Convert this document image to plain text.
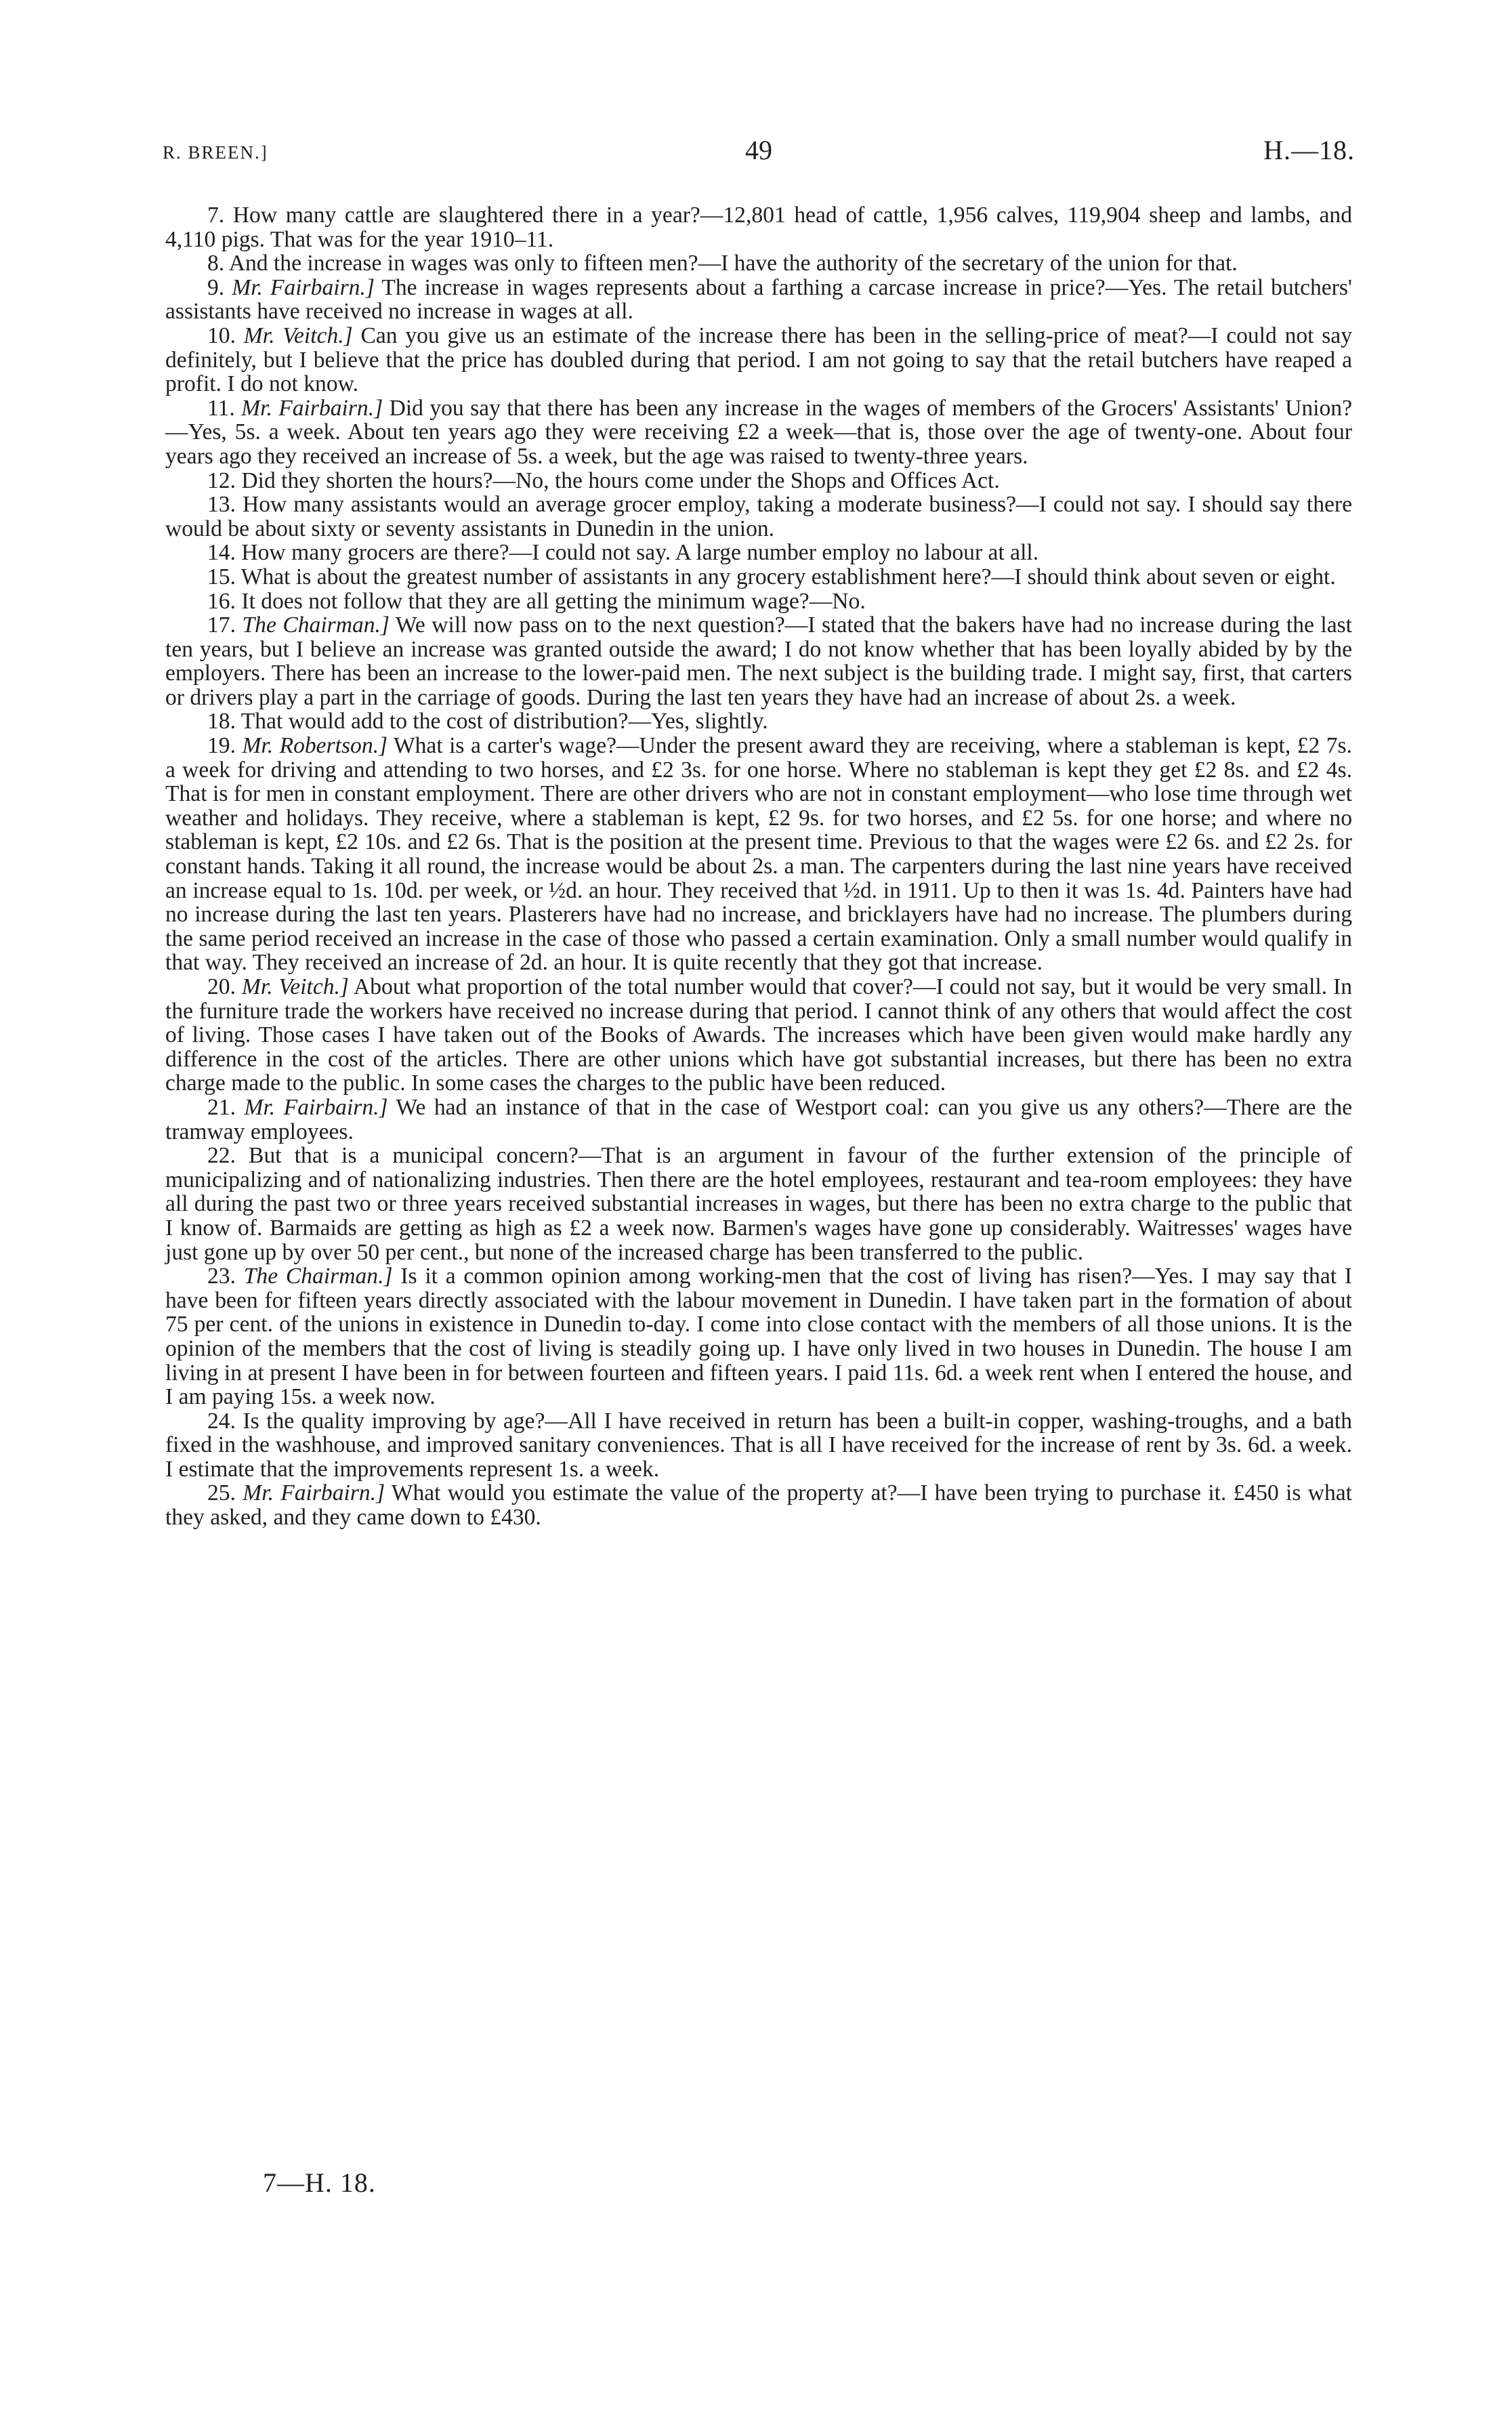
R. BREEN.]	49	H.—18.

7. How many cattle are slaughtered there in a year?—12,801 head of cattle, 1,956 calves, 119,904 sheep and lambs, and 4,110 pigs. That was for the year 1910–11.

8. And the increase in wages was only to fifteen men?—I have the authority of the secretary of the union for that.

9. Mr. Fairbairn.] The increase in wages represents about a farthing a carcase increase in price?—Yes. The retail butchers' assistants have received no increase in wages at all.

10. Mr. Veitch.] Can you give us an estimate of the increase there has been in the selling-price of meat?—I could not say definitely, but I believe that the price has doubled during that period. I am not going to say that the retail butchers have reaped a profit. I do not know.

11. Mr. Fairbairn.] Did you say that there has been any increase in the wages of members of the Grocers' Assistants' Union?—Yes, 5s. a week. About ten years ago they were receiving £2 a week—that is, those over the age of twenty-one. About four years ago they received an increase of 5s. a week, but the age was raised to twenty-three years.

12. Did they shorten the hours?—No, the hours come under the Shops and Offices Act.

13. How many assistants would an average grocer employ, taking a moderate business?—I could not say. I should say there would be about sixty or seventy assistants in Dunedin in the union.

14. How many grocers are there?—I could not say. A large number employ no labour at all.

15. What is about the greatest number of assistants in any grocery establishment here?—I should think about seven or eight.

16. It does not follow that they are all getting the minimum wage?—No.

17. The Chairman.] We will now pass on to the next question?—I stated that the bakers have had no increase during the last ten years, but I believe an increase was granted outside the award; I do not know whether that has been loyally abided by by the employers. There has been an increase to the lower-paid men. The next subject is the building trade. I might say, first, that carters or drivers play a part in the carriage of goods. During the last ten years they have had an increase of about 2s. a week.

18. That would add to the cost of distribution?—Yes, slightly.

19. Mr. Robertson.] What is a carter's wage?—Under the present award they are receiving, where a stableman is kept, £2 7s. a week for driving and attending to two horses, and £2 3s. for one horse. Where no stableman is kept they get £2 8s. and £2 4s. That is for men in constant employment. There are other drivers who are not in constant employment—who lose time through wet weather and holidays. They receive, where a stableman is kept, £2 9s. for two horses, and £2 5s. for one horse; and where no stableman is kept, £2 10s. and £2 6s. That is the position at the present time. Previous to that the wages were £2 6s. and £2 2s. for constant hands. Taking it all round, the increase would be about 2s. a man. The carpenters during the last nine years have received an increase equal to 1s. 10d. per week, or ½d. an hour. They received that ½d. in 1911. Up to then it was 1s. 4d. Painters have had no increase during the last ten years. Plasterers have had no increase, and bricklayers have had no increase. The plumbers during the same period received an increase in the case of those who passed a certain examination. Only a small number would qualify in that way. They received an increase of 2d. an hour. It is quite recently that they got that increase.

20. Mr. Veitch.] About what proportion of the total number would that cover?—I could not say, but it would be very small. In the furniture trade the workers have received no increase during that period. I cannot think of any others that would affect the cost of living. Those cases I have taken out of the Books of Awards. The increases which have been given would make hardly any difference in the cost of the articles. There are other unions which have got substantial increases, but there has been no extra charge made to the public. In some cases the charges to the public have been reduced.

21. Mr. Fairbairn.] We had an instance of that in the case of Westport coal: can you give us any others?—There are the tramway employees.

22. But that is a municipal concern?—That is an argument in favour of the further extension of the principle of municipalizing and of nationalizing industries. Then there are the hotel employees, restaurant and tea-room employees: they have all during the past two or three years received substantial increases in wages, but there has been no extra charge to the public that I know of. Barmaids are getting as high as £2 a week now. Barmen's wages have gone up considerably. Waitresses' wages have just gone up by over 50 per cent., but none of the increased charge has been transferred to the public.

23. The Chairman.] Is it a common opinion among working-men that the cost of living has risen?—Yes. I may say that I have been for fifteen years directly associated with the labour movement in Dunedin. I have taken part in the formation of about 75 per cent. of the unions in existence in Dunedin to-day. I come into close contact with the members of all those unions. It is the opinion of the members that the cost of living is steadily going up. I have only lived in two houses in Dunedin. The house I am living in at present I have been in for between fourteen and fifteen years. I paid 11s. 6d. a week rent when I entered the house, and I am paying 15s. a week now.

24. Is the quality improving by age?—All I have received in return has been a built-in copper, washing-troughs, and a bath fixed in the washhouse, and improved sanitary conveniences. That is all I have received for the increase of rent by 3s. 6d. a week. I estimate that the improvements represent 1s. a week.

25. Mr. Fairbairn.] What would you estimate the value of the property at?—I have been trying to purchase it. £450 is what they asked, and they came down to £430.

7—H. 18.
